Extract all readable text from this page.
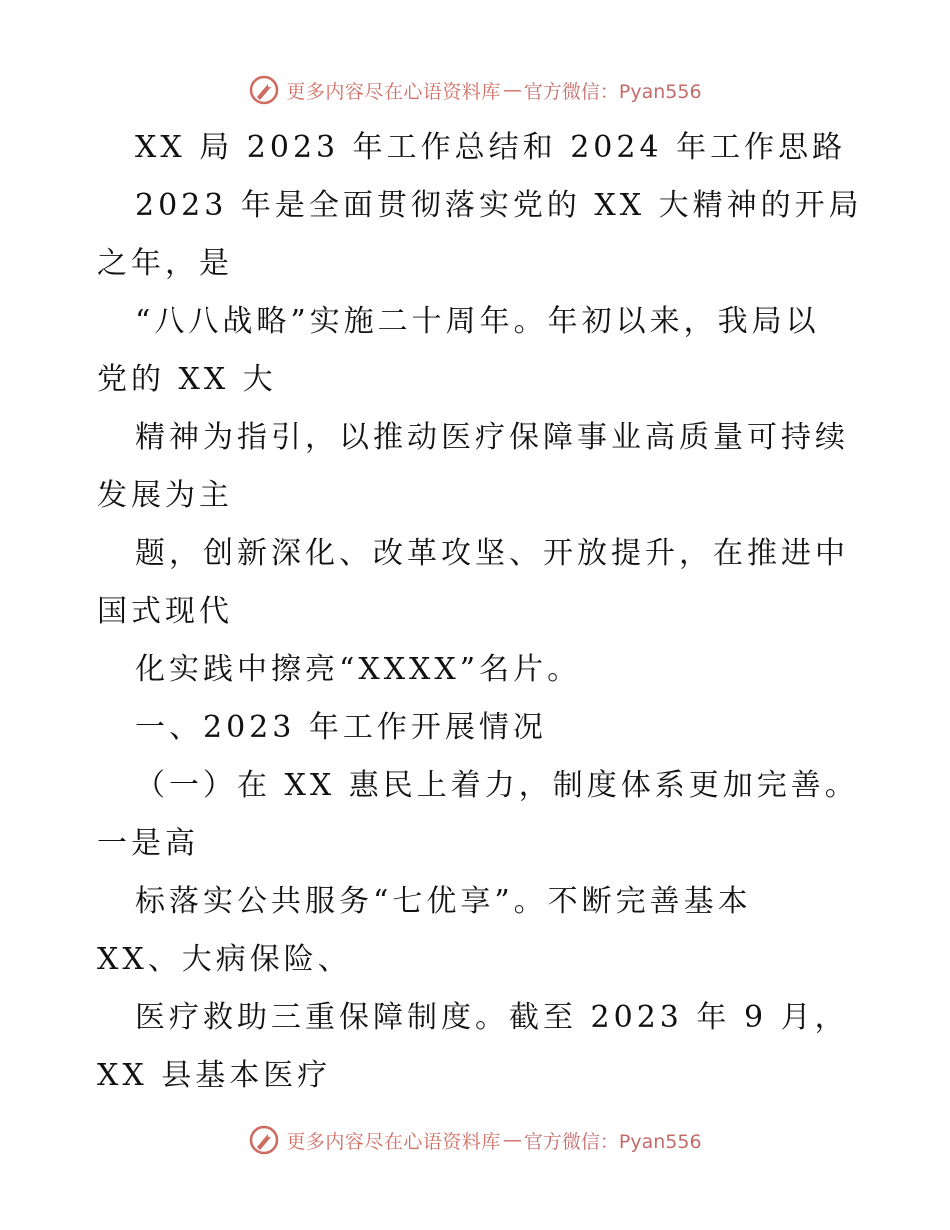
更多内容尽在心语资料库 — 官方微信：Pyan556
XX 局 2023 年工作总结和 2024 年工作思路
2023 年是全面贯彻落实党的 XX 大精神的开局
之年，是
“八八战略”实施二十周年。年初以来，我局以
党的 XX 大
精神为指引，以推动医疗保障事业高质量可持续
发展为主
题，创新深化、改革攻坚、开放提升，在推进中
国式现代
化实践中擦亮“XXXX”名片。
一、2023 年工作开展情况
（一）在 XX 惠民上着力，制度体系更加完善。
一是高
标落实公共服务“七优享”。不断完善基本
XX、大病保险、
医疗救助三重保障制度。截至 2023 年 9 月，
XX 县基本医疗
更多内容尽在心语资料库 — 官方微信：Pyan556
